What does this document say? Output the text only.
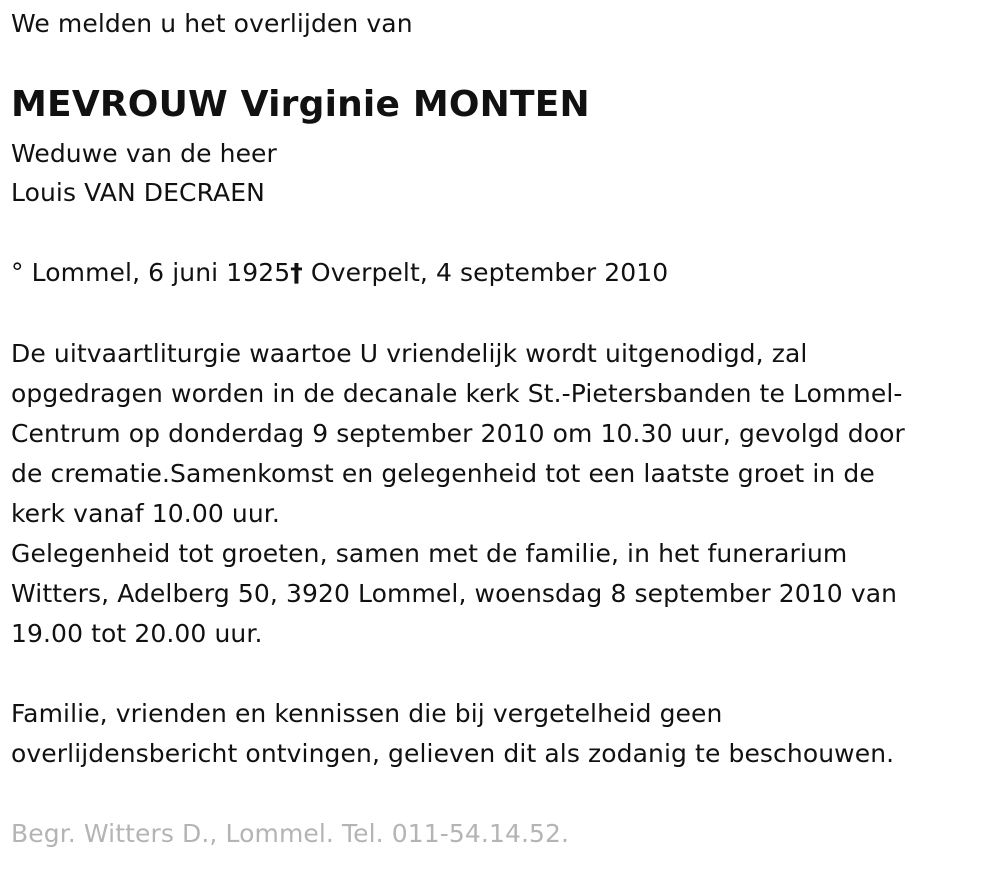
We melden u het overlijden van
MEVROUW Virginie MONTEN
Weduwe van de heer
Louis VAN DECRAEN
° Lommel, 6 juni 1925† Overpelt, 4 september 2010
De uitvaartliturgie waartoe U vriendelijk wordt uitgenodigd, zal
opgedragen worden in de decanale kerk St.-Pietersbanden te Lommel-
Centrum op donderdag 9 september 2010 om 10.30 uur, gevolgd door
de crematie.Samenkomst en gelegenheid tot een laatste groet in de
kerk vanaf 10.00 uur.
Gelegenheid tot groeten, samen met de familie, in het funerarium
Witters, Adelberg 50, 3920 Lommel, woensdag 8 september 2010 van
19.00 tot 20.00 uur.
Familie, vrienden en kennissen die bij vergetelheid geen
overlijdensbericht ontvingen, gelieven dit als zodanig te beschouwen.
Begr. Witters D., Lommel. Tel. 011-54.14.52.
